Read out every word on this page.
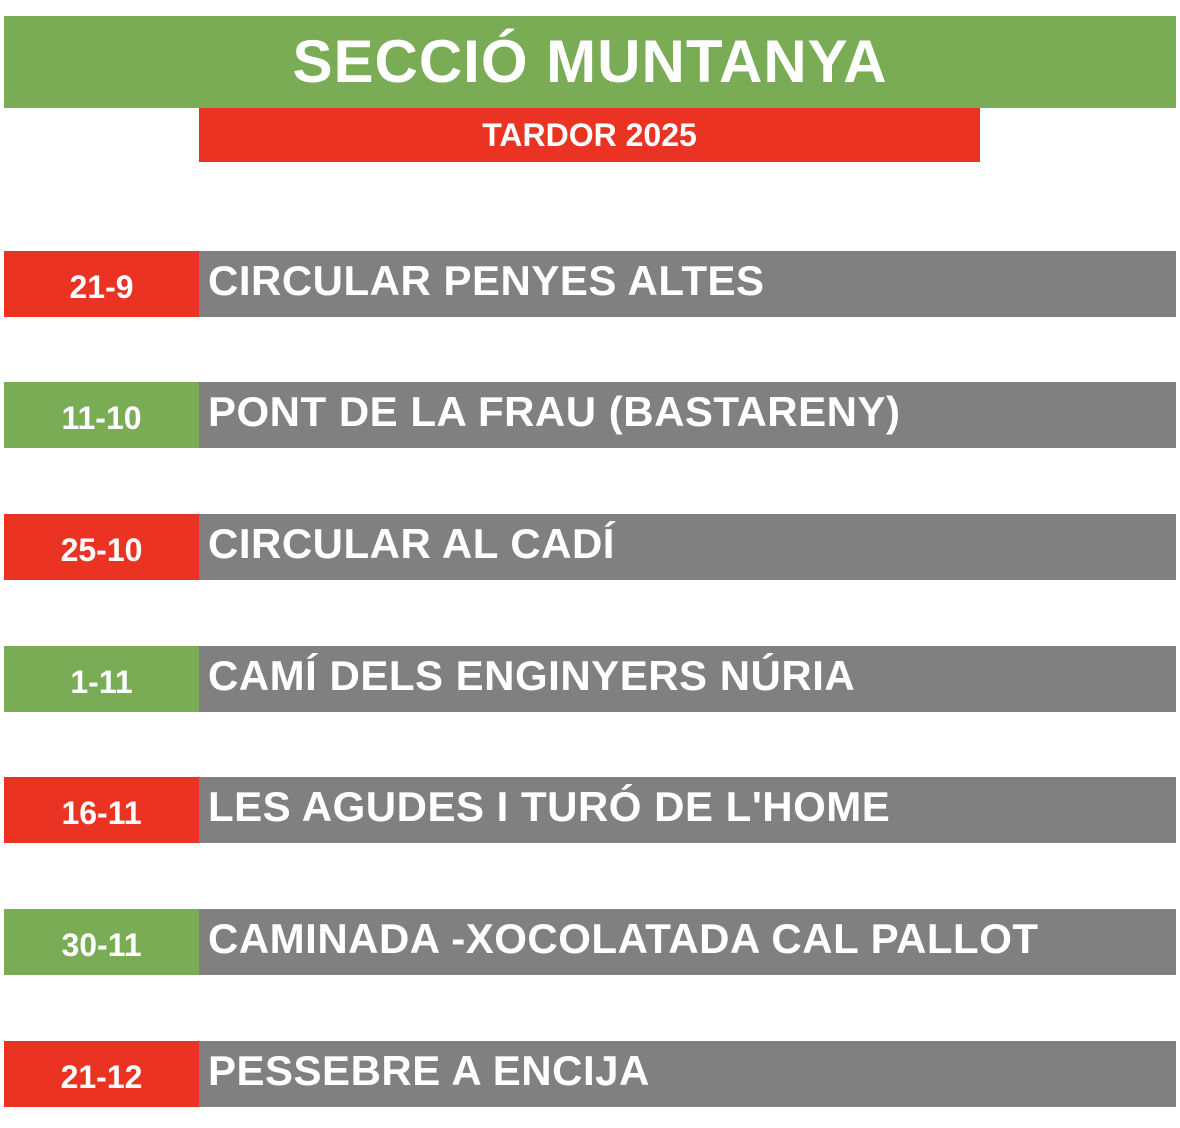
SECCIÓ MUNTANYA
TARDOR 2025
21-9	CIRCULAR PENYES ALTES
11-10	PONT DE LA FRAU (BASTARENY)
25-10	CIRCULAR AL CADÍ
1-11	CAMÍ DELS ENGINYERS NÚRIA
16-11	LES AGUDES I TURÓ DE L'HOME
30-11	CAMINADA -XOCOLATADA CAL PALLOT
21-12	PESSEBRE A ENCIJA
